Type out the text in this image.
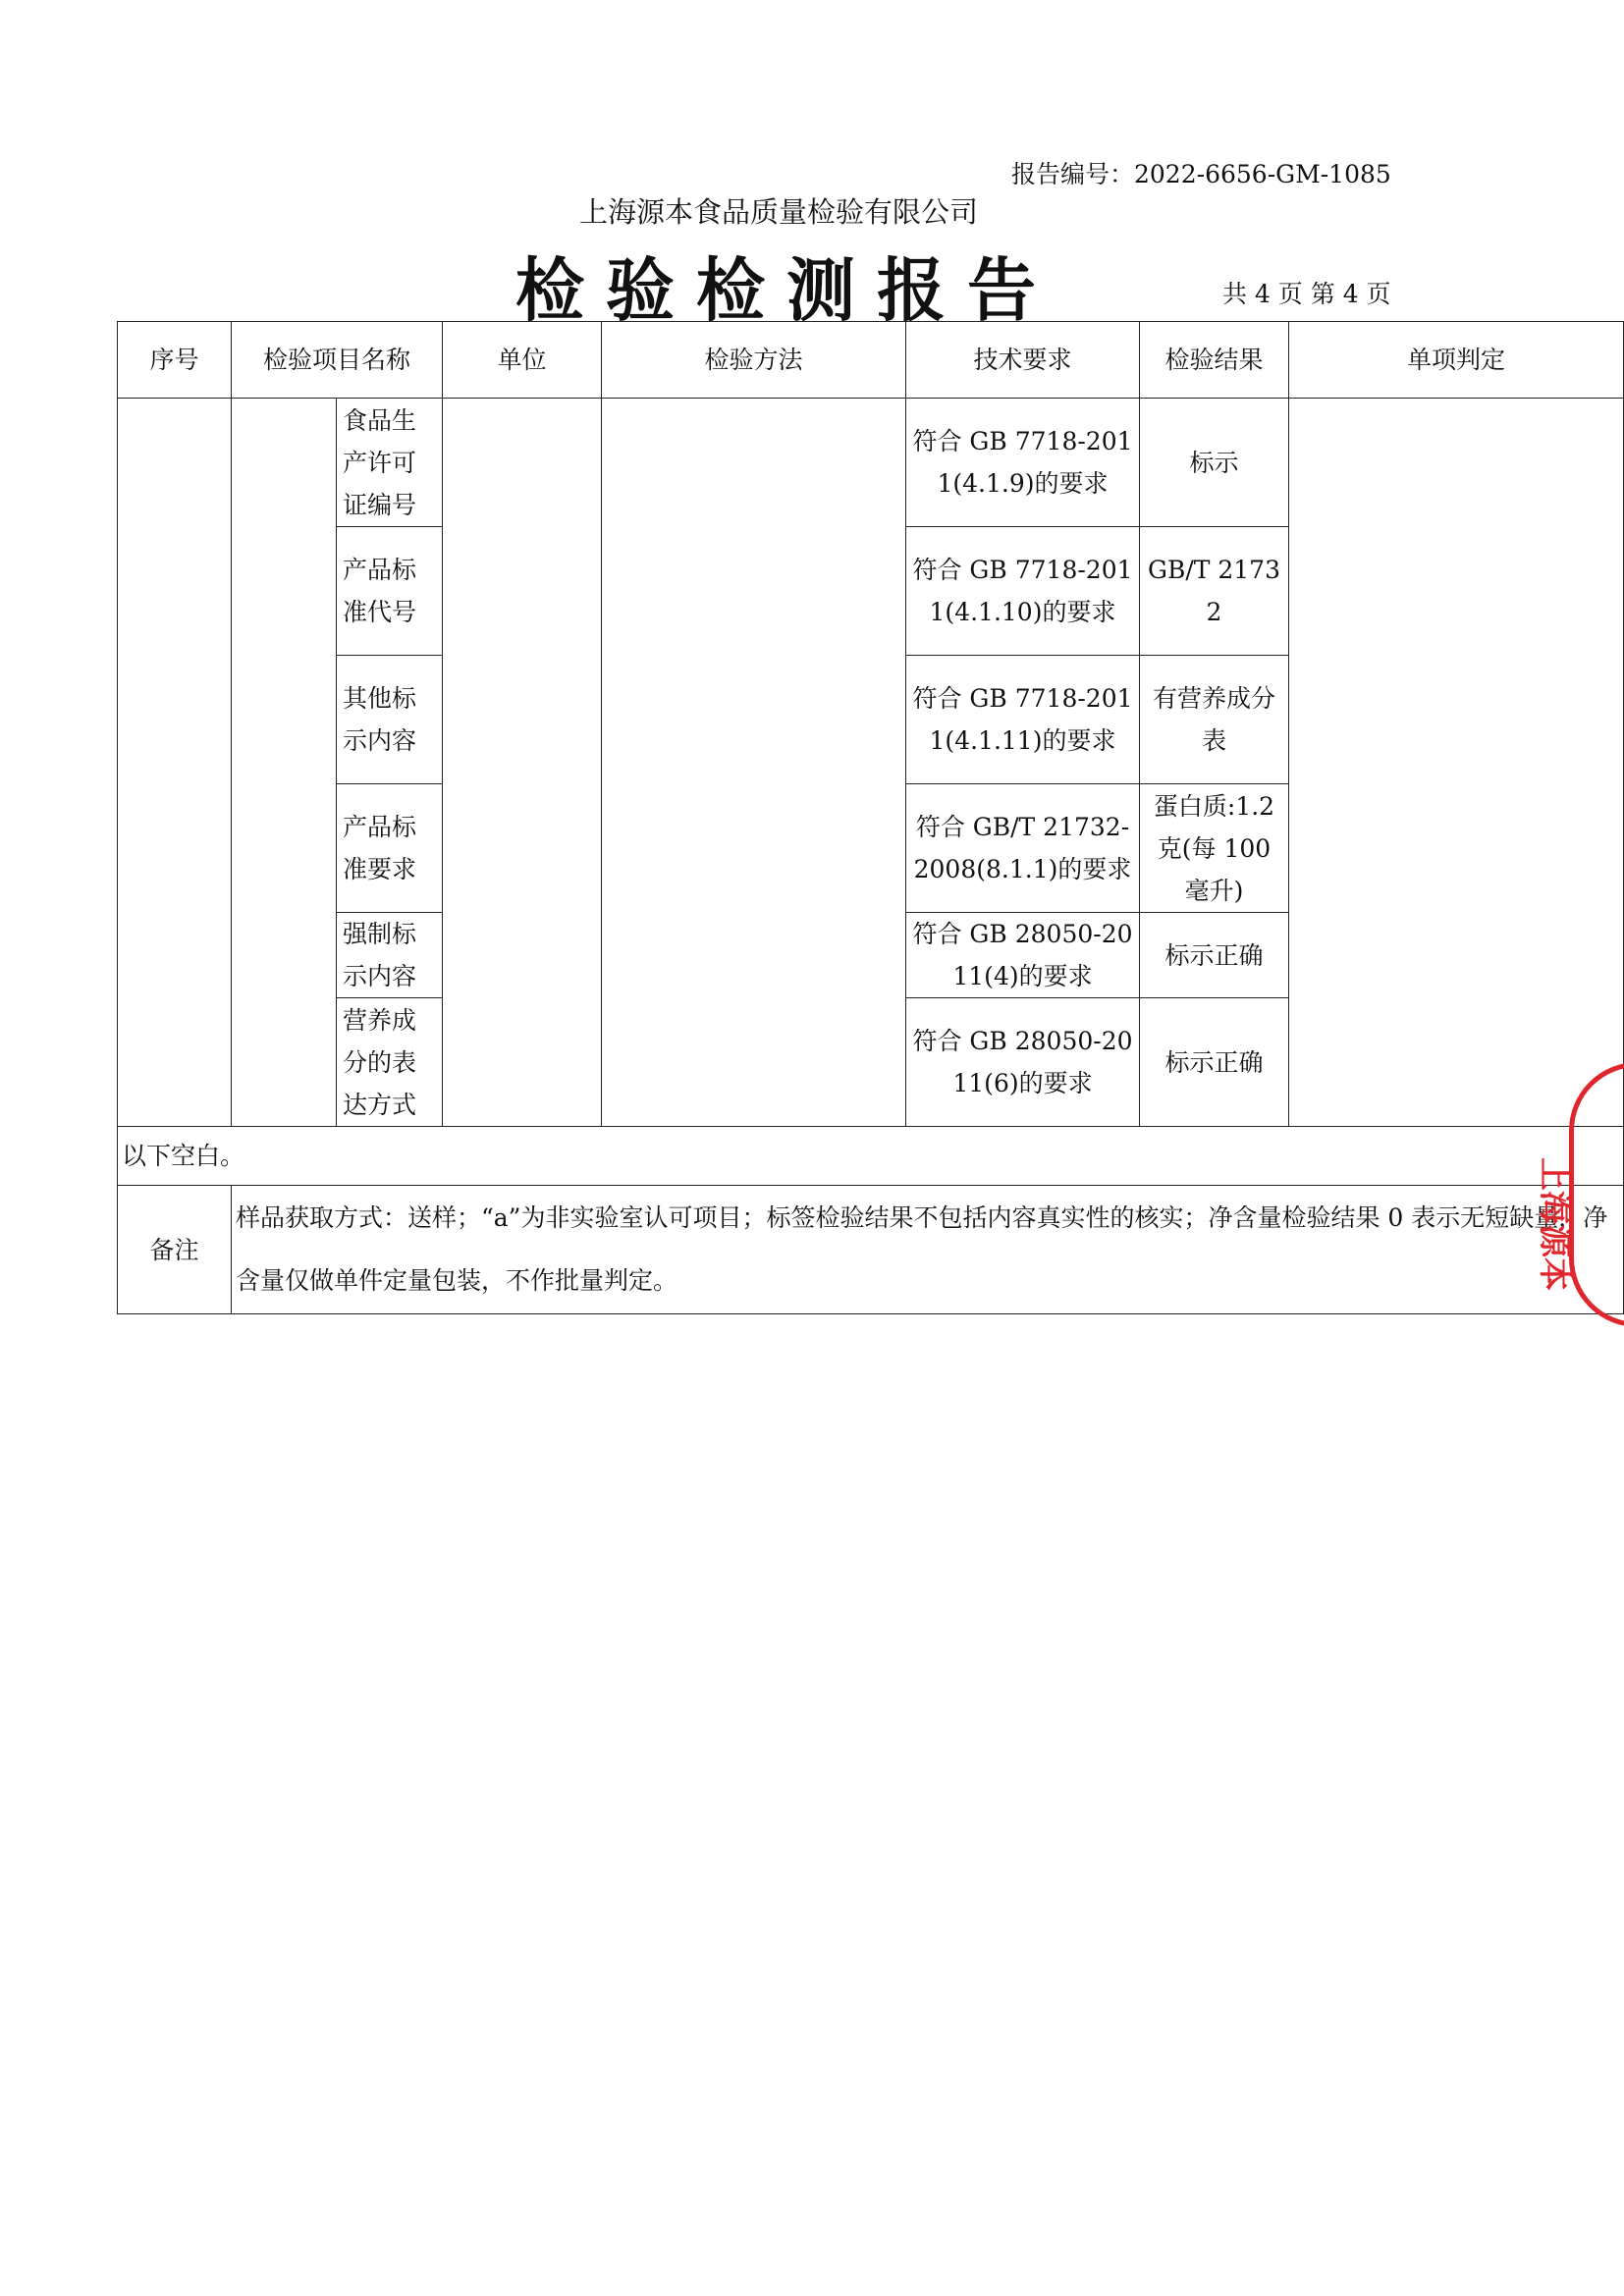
报告编号：2022-6656-GM-1085
上海源本食品质量检验有限公司
检验检测报告	共 4 页 第 4 页
序号	检验项目名称		单位	检验方法	技术要求	检验结果	单项判定
		食品生产许可证编号			符合 GB 7718-2011(4.1.9)的要求	标示	
		产品标准代号			符合 GB 7718-2011(4.1.10)的要求	GB/T 21732	
		其他标示内容			符合 GB 7718-2011(4.1.11)的要求	有营养成分表	
		产品标准要求			符合 GB/T 21732-2008(8.1.1)的要求	蛋白质:1.2 克(每 100 毫升)	
		强制标示内容			符合 GB 28050-2011(4)的要求	标示正确	
		营养成分的表达方式			符合 GB 28050-2011(6)的要求	标示正确	
以下空白。							
备注	样品获取方式：送样；“a”为非实验室认可项目；标签检验结果不包括内容真实性的核实；净含量检验结果 0 表示无短缺量，净含量仅做单件定量包装，不作批量判定。							上海源本
